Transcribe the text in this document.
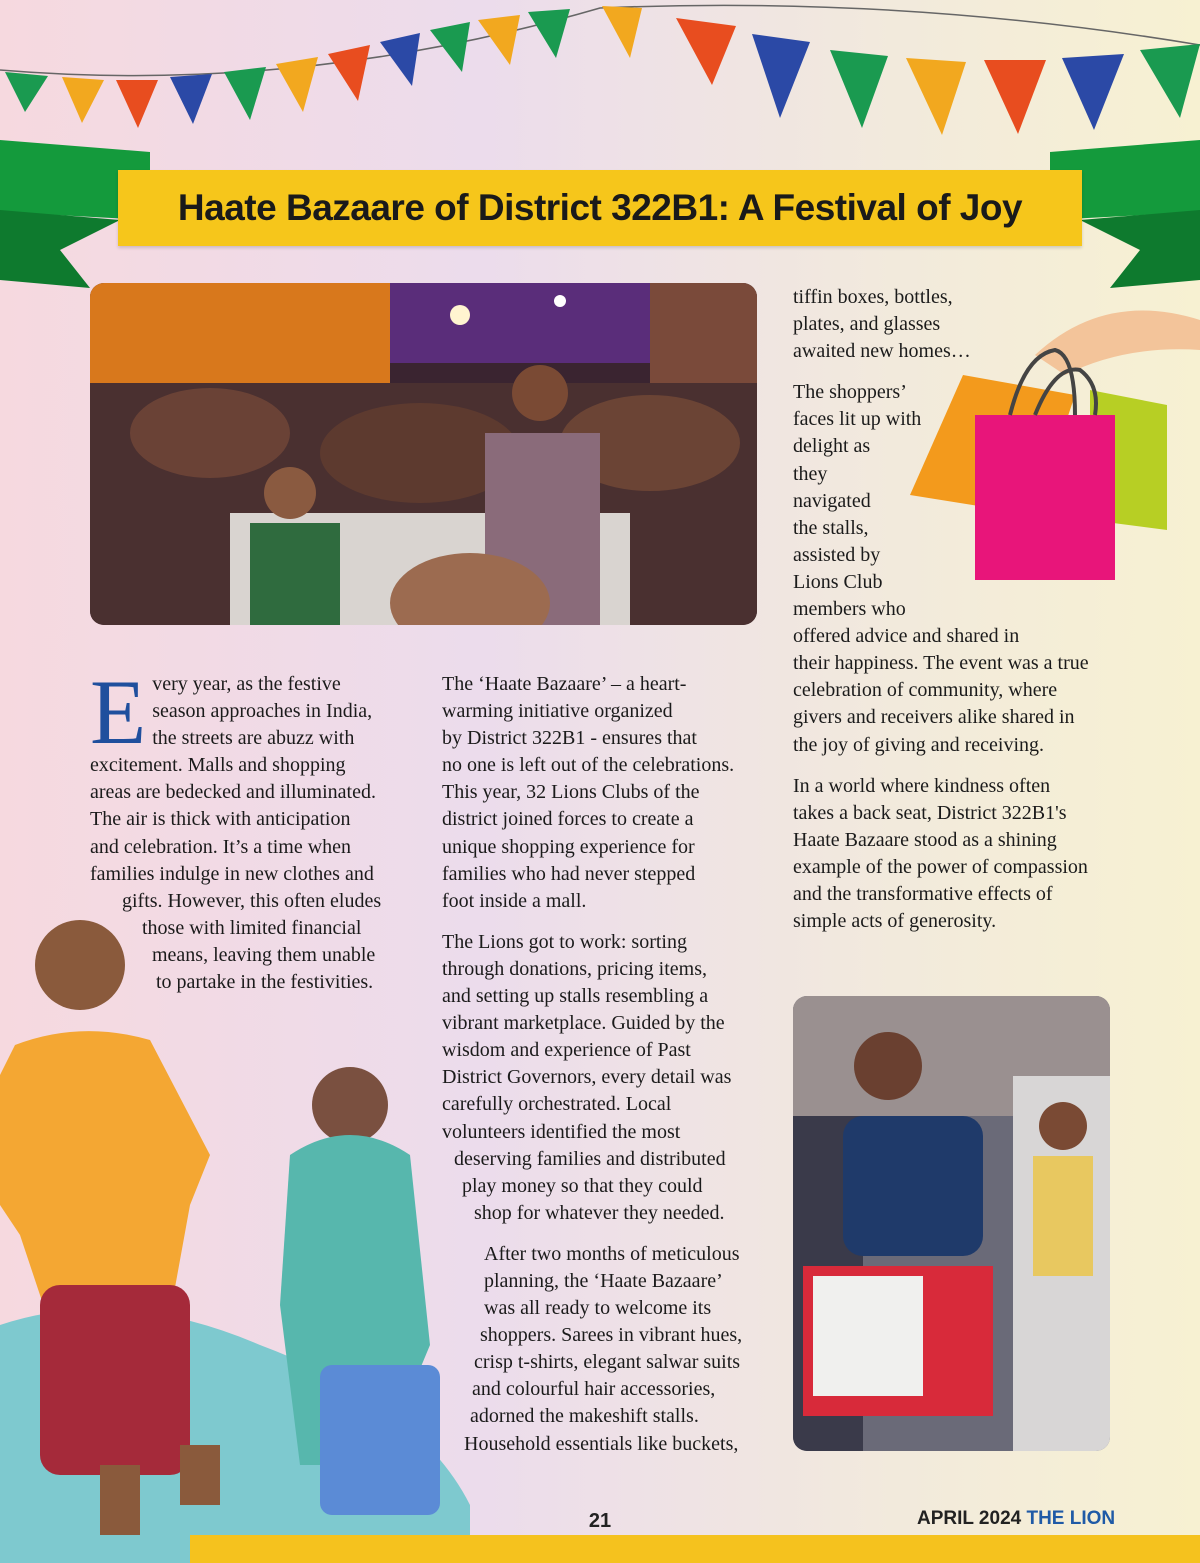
Haate Bazaare of District 322B1: A Festival of Joy

E very year, as the festive
season approaches in India,
the streets are abuzz with
excitement. Malls and shopping
areas are bedecked and illuminated.
The air is thick with anticipation
and celebration. It’s a time when
families indulge in new clothes and
gifts. However, this often eludes
those with limited financial
means, leaving them unable
to partake in the festivities.

The ‘Haate Bazaare’ – a heart-
warming initiative organized
by District 322B1 - ensures that
no one is left out of the celebrations.
This year, 32 Lions Clubs of the
district joined forces to create a
unique shopping experience for
families who had never stepped
foot inside a mall.

The Lions got to work: sorting
through donations, pricing items,
and setting up stalls resembling a
vibrant marketplace. Guided by the
wisdom and experience of Past
District Governors, every detail was
carefully orchestrated. Local
volunteers identified the most
deserving families and distributed
play money so that they could
shop for whatever they needed.

After two months of meticulous
planning, the ‘Haate Bazaare’
was all ready to welcome its
shoppers. Sarees in vibrant hues,
crisp t-shirts, elegant salwar suits
and colourful hair accessories,
adorned the makeshift stalls.
Household essentials like buckets,

tiffin boxes, bottles,
plates, and glasses
awaited new homes…

The shoppers’
faces lit up with
delight as
they
navigated
the stalls,
assisted by
Lions Club
members who
offered advice and shared in
their happiness. The event was a true
celebration of community, where
givers and receivers alike shared in
the joy of giving and receiving.

In a world where kindness often
takes a back seat, District 322B1's
Haate Bazaare stood as a shining
example of the power of compassion
and the transformative effects of
simple acts of generosity.

21	APRIL 2024 THE LION
